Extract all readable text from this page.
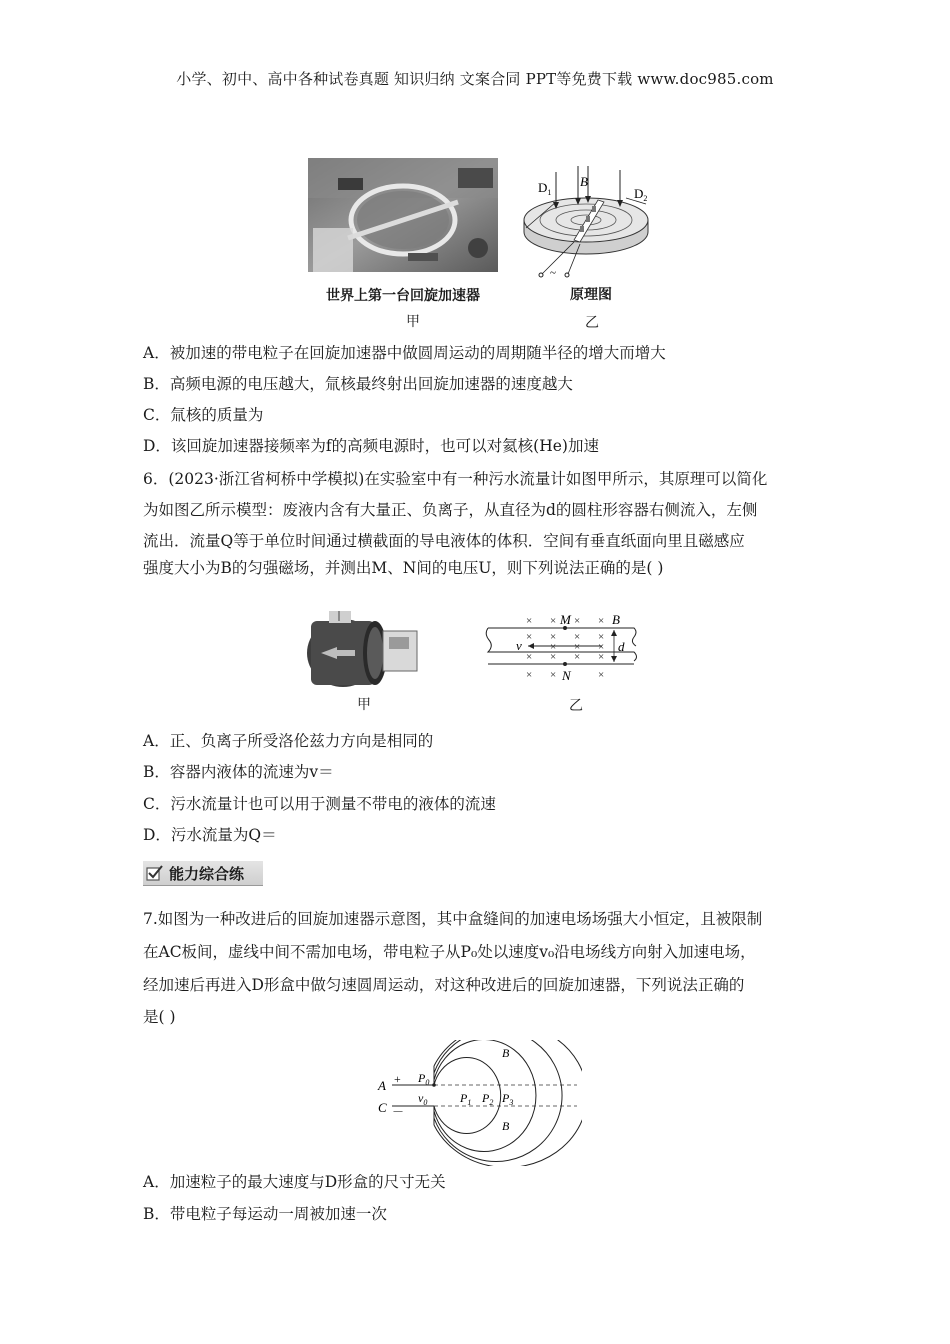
小学、初中、高中各种试卷真题 知识归纳 文案合同 PPT等免费下载 www.doc985.com
$D_1$	$D_2$
B
~
世界上第一台回旋加速器	原理图
甲	乙
A．被加速的带电粒子在回旋加速器中做圆周运动的周期随半径的增大而增大
B．高频电源的电压越大，氚核最终射出回旋加速器的速度越大
C．氚核的质量为
D．该回旋加速器接频率为f的高频电源时，也可以对氦核(He)加速
6．(2023·浙江省柯桥中学模拟)在实验室中有一种污水流量计如图甲所示，其原理可以简化
为如图乙所示模型：废液内含有大量正、负离子，从直径为d的圆柱形容器右侧流入，左侧
流出．流量Q等于单位时间通过横截面的导电液体的体积．空间有垂直纸面向里且磁感应
强度大小为B的匀强磁场，并测出M、N间的电压U，则下列说法正确的是( )
× × × ×
× × × ×
× × ×
× × × ×
× ×	×
M
N
B
v	d
甲	乙
A．正、负离子所受洛伦兹力方向是相同的
B．容器内液体的流速为v＝
C．污水流量计也可以用于测量不带电的液体的流速
D．污水流量为Q＝
能力综合练
7.如图为一种改进后的回旋加速器示意图，其中盒缝间的加速电场场强大小恒定，且被限制
在AC板间，虚线中间不需加电场，带电粒子从P₀处以速度v₀沿电场线方向射入加速电场，
经加速后再进入D形盒中做匀速圆周运动，对这种改进后的回旋加速器，下列说法正确的
是( )
A
C
+
－
$P_0$
$v_0$	$P_1$ $P_2$ $P_3$
B
B
A．加速粒子的最大速度与D形盒的尺寸无关
B．带电粒子每运动一周被加速一次
